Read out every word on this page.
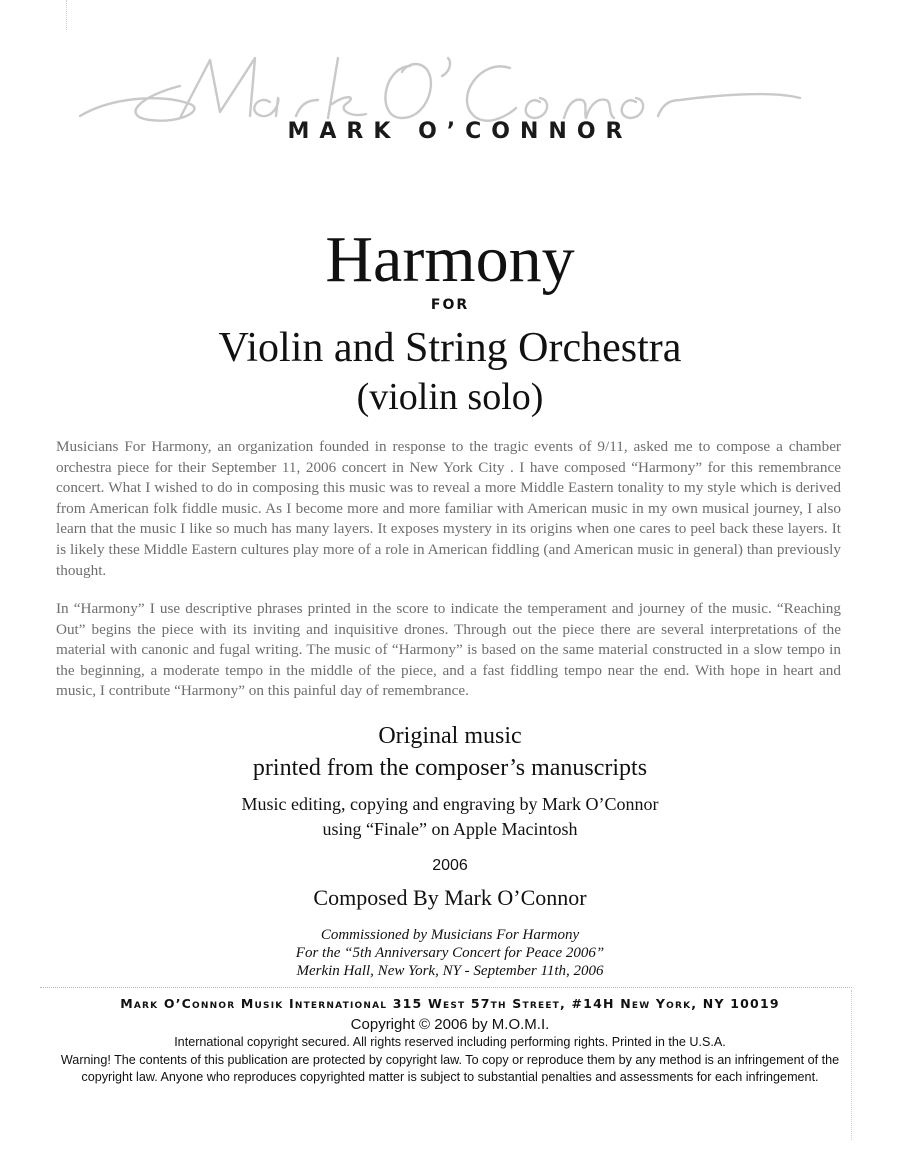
MARK O’CONNOR
Harmony
FOR
Violin and String Orchestra
(violin solo)

Musicians For Harmony, an organization founded in response to the tragic events of 9/11, asked me to compose a chamber orchestra piece for their September 11, 2006 concert in New York City . I have composed “Harmony” for this remembrance concert. What I wished to do in composing this music was to reveal a more Middle Eastern tonality to my style which is derived from American folk fiddle music. As I become more and more familiar with American music in my own musical journey, I also learn that the music I like so much has many layers. It exposes mystery in its origins when one cares to peel back these layers. It is likely these Middle Eastern cultures play more of a role in American fiddling (and American music in general) than previously thought.

In “Harmony” I use descriptive phrases printed in the score to indicate the temperament and journey of the music. “Reaching Out” begins the piece with its inviting and inquisitive drones. Through out the piece there are several interpretations of the material with canonic and fugal writing. The music of “Harmony” is based on the same material constructed in a slow tempo in the beginning, a moderate tempo in the middle of the piece, and a fast fiddling tempo near the end. With hope in heart and music, I contribute “Harmony” on this painful day of remembrance.

Original music
printed from the composer’s manuscripts
Music editing, copying and engraving by Mark O’Connor
using “Finale” on Apple Macintosh
2006
Composed By Mark O’Connor
Commissioned by Musicians For Harmony
For the “5th Anniversary Concert for Peace 2006”
Merkin Hall, New York, NY - September 11th, 2006
Mark O’Connor Musik International 315 West 57th Street, #14H New York, NY 10019
Copyright © 2006 by M.O.M.I.
International copyright secured. All rights reserved including performing rights. Printed in the U.S.A.
Warning! The contents of this publication are protected by copyright law. To copy or reproduce them by any method is an infringement of the copyright law. Anyone who reproduces copyrighted matter is subject to substantial penalties and assessments for each infringement.
